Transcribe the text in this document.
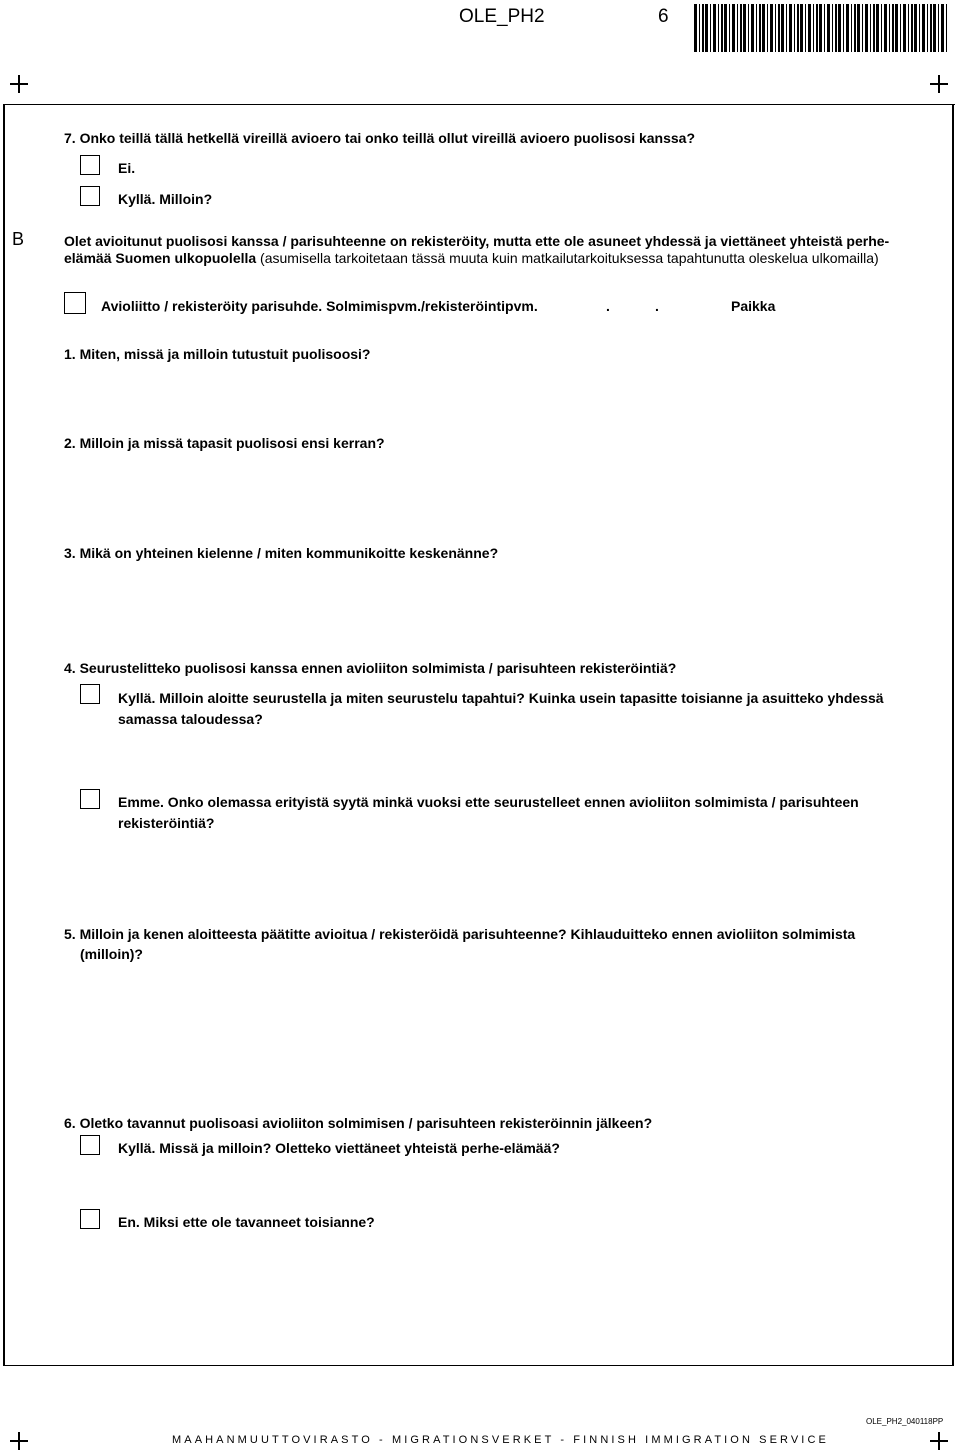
OLE_PH2	6
7. Onko teillä tällä hetkellä vireillä avioero tai onko teillä ollut vireillä avioero puolisosi kanssa?
Ei.
Kyllä. Milloin?
B	Olet avioitunut puolisosi kanssa / parisuhteenne on rekisteröity, mutta ette ole asuneet yhdessä ja viettäneet yhteistä perhe-
elämää Suomen ulkopuolella (asumisella tarkoitetaan tässä muuta kuin matkailutarkoituksessa tapahtunutta oleskelua ulkomailla)
Avioliitto / rekisteröity parisuhde. Solmimispvm./rekisteröintipvm.	.	.	Paikka
1. Miten, missä ja milloin tutustuit puolisoosi?
2. Milloin ja missä tapasit puolisosi ensi kerran?
3. Mikä on yhteinen kielenne / miten kommunikoitte keskenänne?
4. Seurustelitteko puolisosi kanssa ennen avioliiton solmimista / parisuhteen rekisteröintiä?
Kyllä. Milloin aloitte seurustella ja miten seurustelu tapahtui? Kuinka usein tapasitte toisianne ja asuitteko yhdessä
samassa taloudessa?
Emme. Onko olemassa erityistä syytä minkä vuoksi ette seurustelleet ennen avioliiton solmimista / parisuhteen
rekisteröintiä?
5. Milloin ja kenen aloitteesta päätitte avioitua / rekisteröidä parisuhteenne? Kihlauduitteko ennen avioliiton solmimista
(milloin)?
6. Oletko tavannut puolisoasi avioliiton solmimisen / parisuhteen rekisteröinnin jälkeen?
Kyllä. Missä ja milloin? Oletteko viettäneet yhteistä perhe-elämää?
En. Miksi ette ole tavanneet toisianne?
OLE_PH2_040118PP
MAAHANMUUTTOVIRASTO - MIGRATIONSVERKET - FINNISH IMMIGRATION SERVICE
